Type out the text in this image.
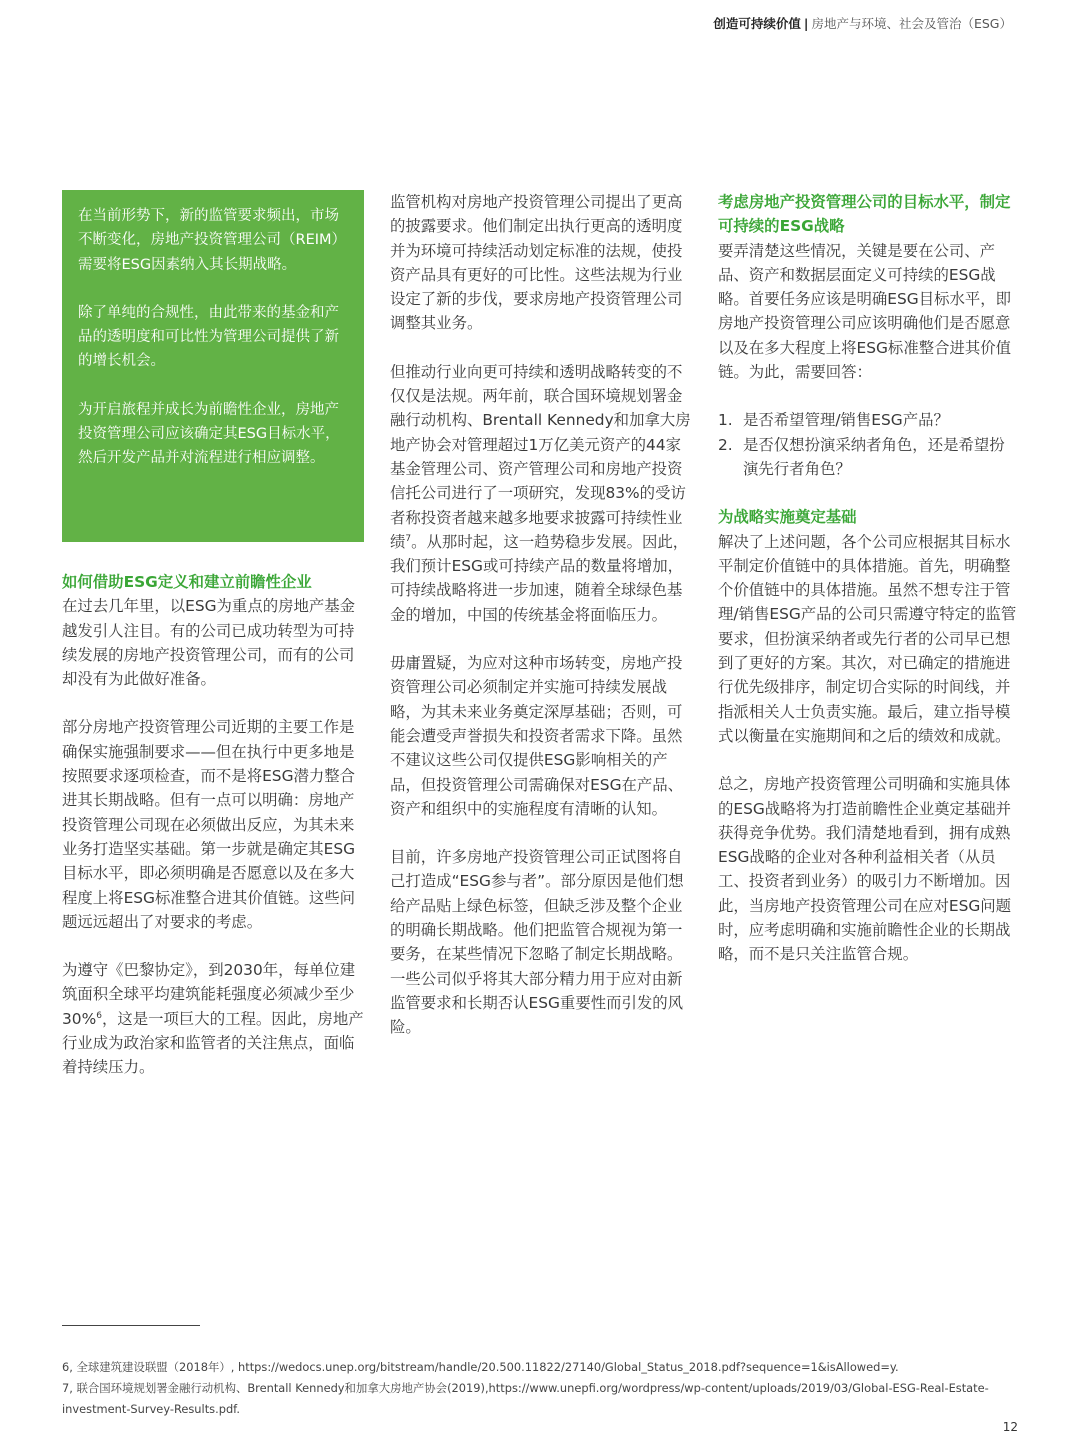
创造可持续价值 | 房地产与环境、社会及管治（ESG）

在当前形势下，新的监管要求频出，市场不断变化，房地产投资管理公司（REIM）需要将ESG因素纳入其长期战略。

除了单纯的合规性，由此带来的基金和产品的透明度和可比性为管理公司提供了新的增长机会。

为开启旅程并成长为前瞻性企业，房地产投资管理公司应该确定其ESG目标水平，然后开发产品并对流程进行相应调整。

如何借助ESG定义和建立前瞻性企业

在过去几年里，以ESG为重点的房地产基金越发引人注目。有的公司已成功转型为可持续发展的房地产投资管理公司，而有的公司却没有为此做好准备。

部分房地产投资管理公司近期的主要工作是确保实施强制要求——但在执行中更多地是按照要求逐项检查，而不是将ESG潜力整合进其长期战略。但有一点可以明确：房地产投资管理公司现在必须做出反应，为其未来业务打造坚实基础。第一步就是确定其ESG目标水平，即必须明确是否愿意以及在多大程度上将ESG标准整合进其价值链。这些问题远远超出了对要求的考虑。

为遵守《巴黎协定》，到2030年，每单位建筑面积全球平均建筑能耗强度必须减少至少30%$^6$，这是一项巨大的工程。因此，房地产行业成为政治家和监管者的关注焦点，面临着持续压力。

监管机构对房地产投资管理公司提出了更高的披露要求。他们制定出执行更高的透明度并为环境可持续活动划定标准的法规，使投资产品具有更好的可比性。这些法规为行业设定了新的步伐，要求房地产投资管理公司调整其业务。

但推动行业向更可持续和透明战略转变的不仅仅是法规。两年前，联合国环境规划署金融行动机构、Brentall Kennedy和加拿大房地产协会对管理超过1万亿美元资产的44家基金管理公司、资产管理公司和房地产投资信托公司进行了一项研究，发现83%的受访者称投资者越来越多地要求披露可持续性业绩$^7$。从那时起，这一趋势稳步发展。因此，我们预计ESG或可持续产品的数量将增加，可持续战略将进一步加速，随着全球绿色基金的增加，中国的传统基金将面临压力。

毋庸置疑，为应对这种市场转变，房地产投资管理公司必须制定并实施可持续发展战略，为其未来业务奠定深厚基础；否则，可能会遭受声誉损失和投资者需求下降。虽然不建议这些公司仅提供ESG影响相关的产品，但投资管理公司需确保对ESG在产品、资产和组织中的实施程度有清晰的认知。

目前，许多房地产投资管理公司正试图将自己打造成“ESG参与者”。部分原因是他们想给产品贴上绿色标签，但缺乏涉及整个企业的明确长期战略。他们把监管合规视为第一要务，在某些情况下忽略了制定长期战略。一些公司似乎将其大部分精力用于应对由新监管要求和长期否认ESG重要性而引发的风险。

考虑房地产投资管理公司的目标水平，制定可持续的ESG战略

要弄清楚这些情况，关键是要在公司、产品、资产和数据层面定义可持续的ESG战略。首要任务应该是明确ESG目标水平，即房地产投资管理公司应该明确他们是否愿意以及在多大程度上将ESG标准整合进其价值链。为此，需要回答：

1. 是否希望管理/销售ESG产品？
2. 是否仅想扮演采纳者角色，还是希望扮演先行者角色？
为战略实施奠定基础

解决了上述问题，各个公司应根据其目标水平制定价值链中的具体措施。首先，明确整个价值链中的具体措施。虽然不想专注于管理/销售ESG产品的公司只需遵守特定的监管要求，但扮演采纳者或先行者的公司早已想到了更好的方案。其次，对已确定的措施进行优先级排序，制定切合实际的时间线，并指派相关人士负责实施。最后，建立指导模式以衡量在实施期间和之后的绩效和成就。

总之，房地产投资管理公司明确和实施具体的ESG战略将为打造前瞻性企业奠定基础并获得竞争优势。我们清楚地看到，拥有成熟ESG战略的企业对各种利益相关者（从员工、投资者到业务）的吸引力不断增加。因此，当房地产投资管理公司在应对ESG问题时，应考虑明确和实施前瞻性企业的长期战略，而不是只关注监管合规。

6, 全球建筑建设联盟（2018年）, https://wedocs.unep.org/bitstream/handle/20.500.11822/27140/Global_Status_2018.pdf?sequence=1&isAllowed=y.

7, 联合国环境规划署金融行动机构、Brentall Kennedy和加拿大房地产协会(2019),https://www.unepfi.org/wordpress/wp-content/uploads/2019/03/Global-ESG-Real-Estate-investment-Survey-Results.pdf.

12
